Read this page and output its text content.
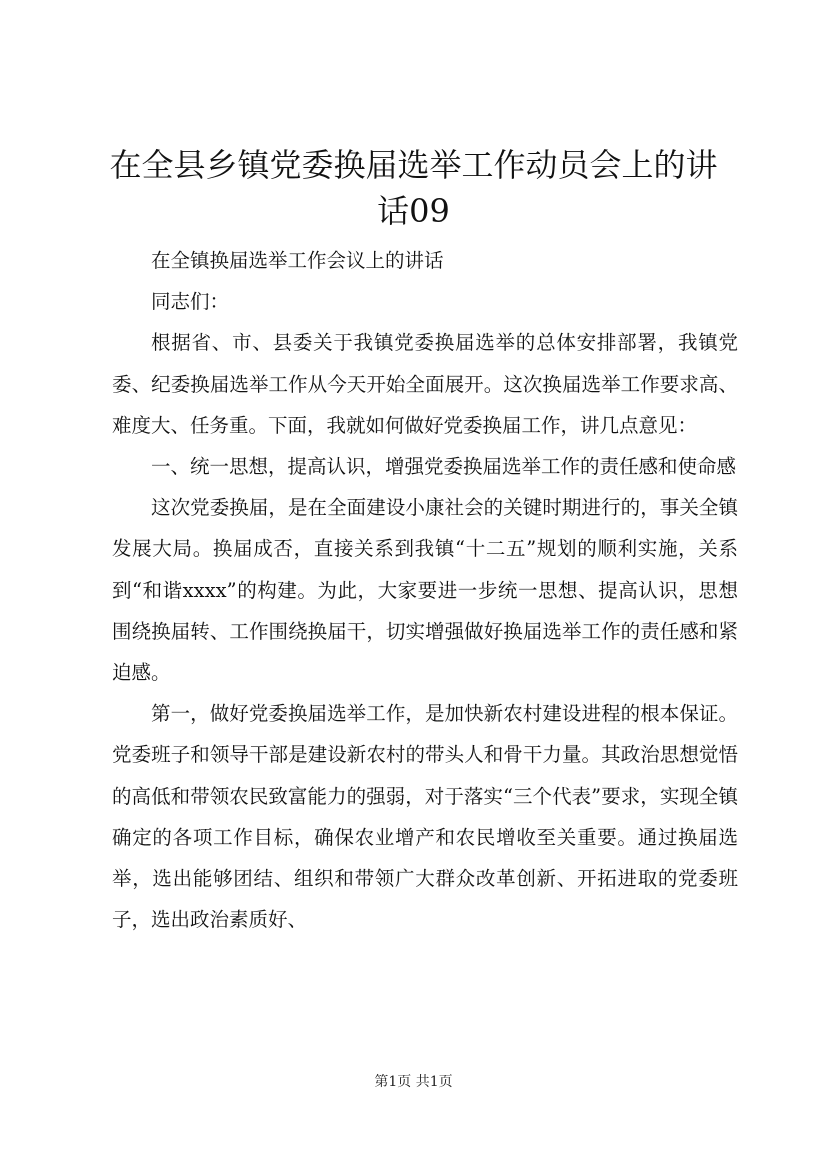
在全县乡镇党委换届选举工作动员会上的讲话09

在全镇换届选举工作会议上的讲话

同志们：

根据省、市、县委关于我镇党委换届选举的总体安排部署，我镇党委、纪委换届选举工作从今天开始全面展开。这次换届选举工作要求高、难度大、任务重。下面，我就如何做好党委换届工作，讲几点意见：

一、统一思想，提高认识，增强党委换届选举工作的责任感和使命感

这次党委换届，是在全面建设小康社会的关键时期进行的，事关全镇发展大局。换届成否，直接关系到我镇“十二五”规划的顺利实施，关系到“和谐xxxx”的构建。为此，大家要进一步统一思想、提高认识，思想围绕换届转、工作围绕换届干，切实增强做好换届选举工作的责任感和紧迫感。

第一，做好党委换届选举工作，是加快新农村建设进程的根本保证。党委班子和领导干部是建设新农村的带头人和骨干力量。其政治思想觉悟的高低和带领农民致富能力的强弱，对于落实“三个代表”要求，实现全镇确定的各项工作目标，确保农业增产和农民增收至关重要。通过换届选举，选出能够团结、组织和带领广大群众改革创新、开拓进取的党委班子，选出政治素质好、

第1页 共1页
